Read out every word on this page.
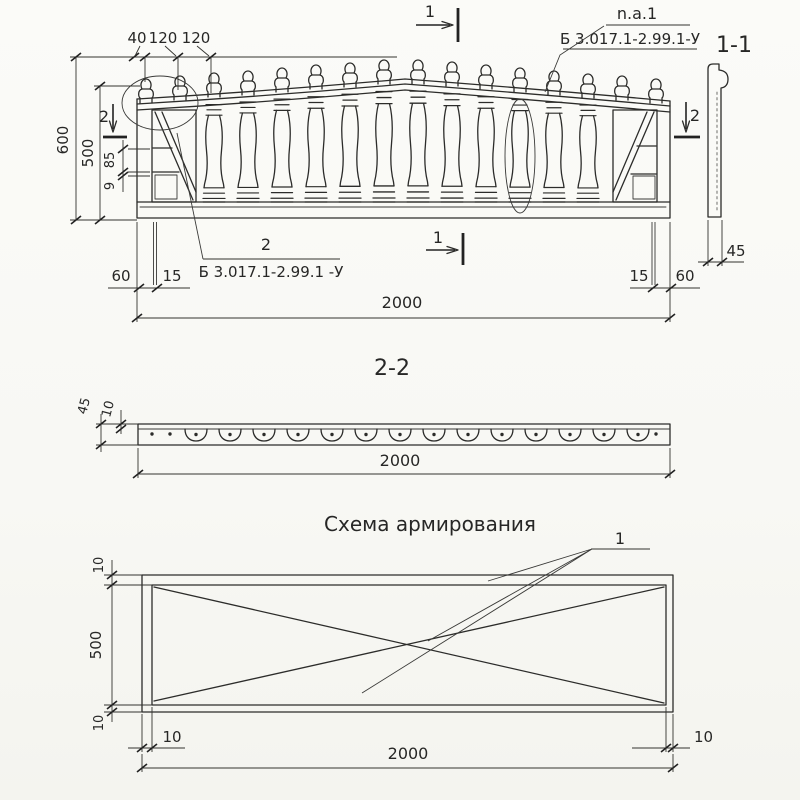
40 120 120
600 500 85
9
60 15	15 60
2000
1
1
2	2
n.a.1
Б 3.017.1-2.99.1-У
2
Б 3.017.1-2.99.1 -У
1-1
45
2-2
45 10
2000
Схема армирования
1
10
500
10
10	10
2000
